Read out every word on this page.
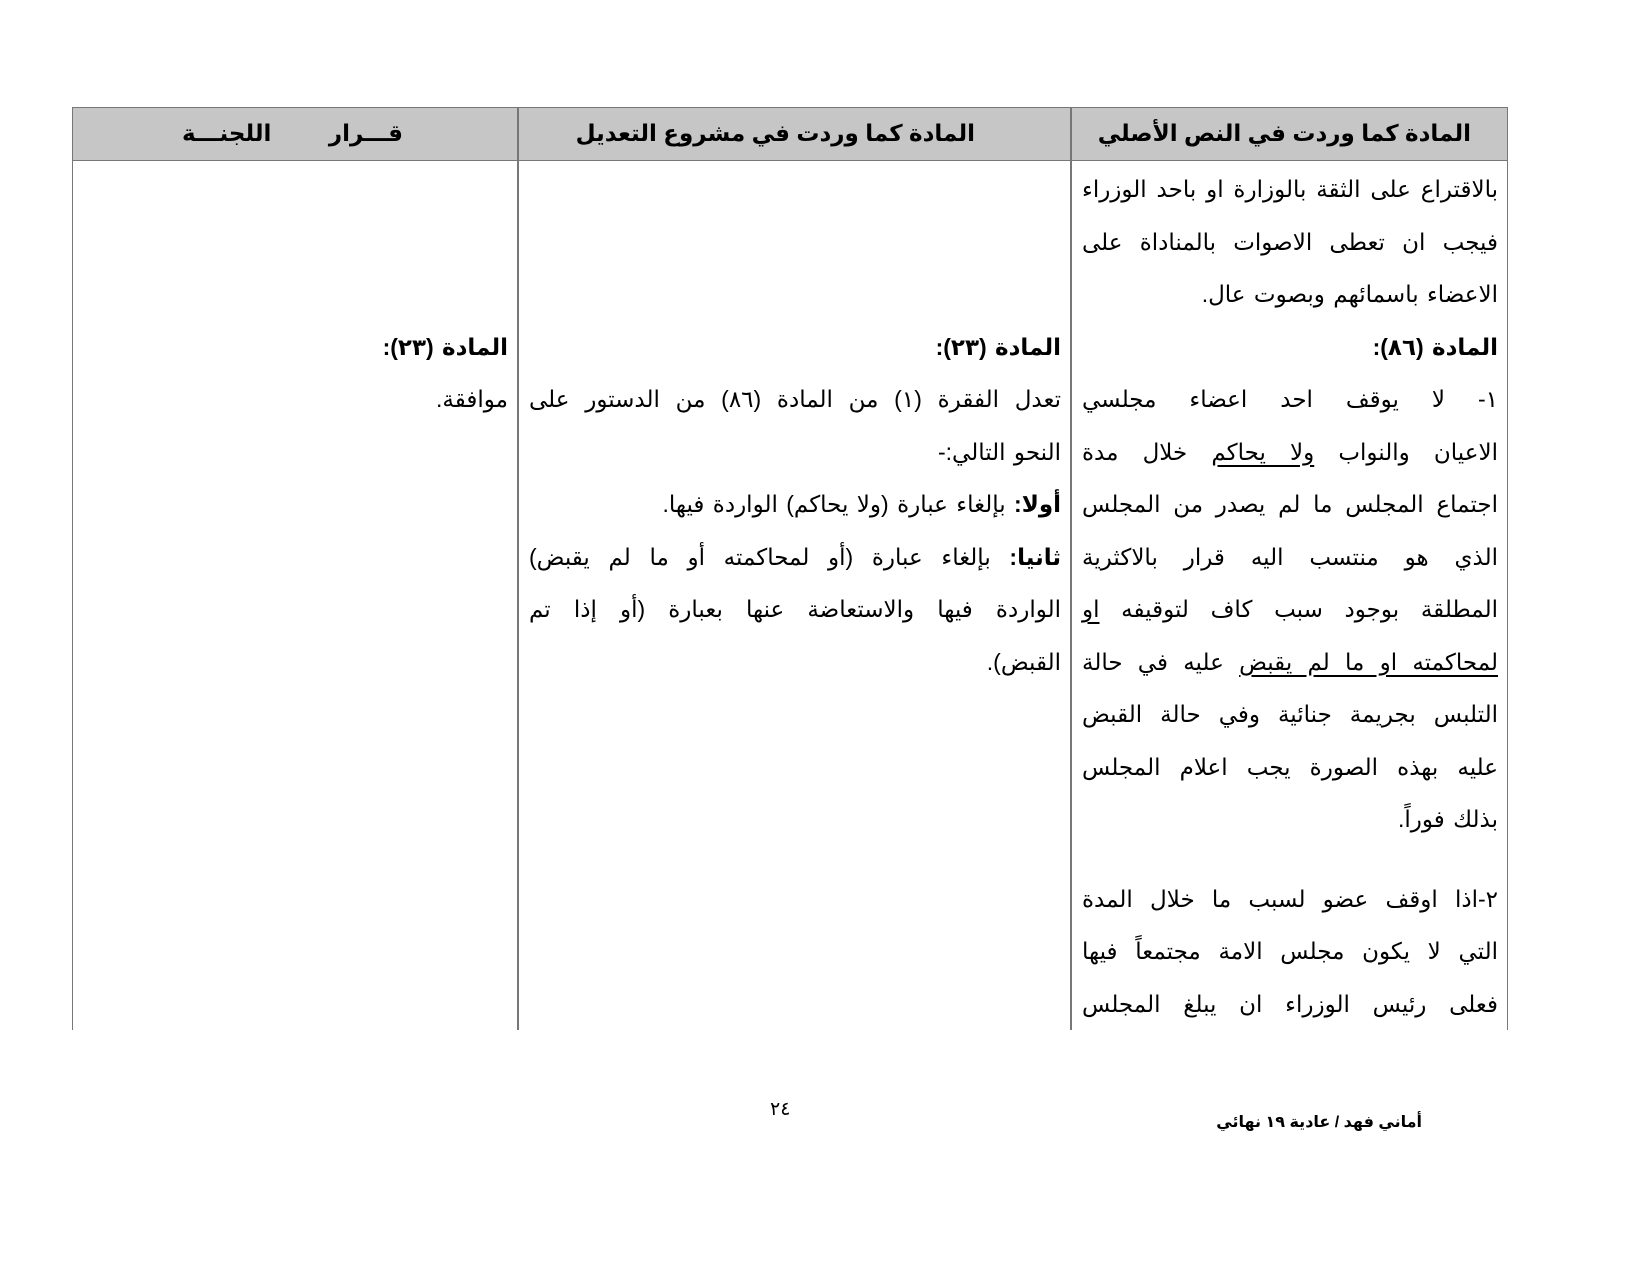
المادة كما وردت في النص الأصلي
المادة كما وردت في مشروع التعديل
قـــرار         اللجنـــة
بالاقتراع على الثقة بالوزارة او باحد الوزراء
فيجب ان تعطى الاصوات بالمناداة على
الاعضاء باسمائهم وبصوت عال.
المادة (٨٦):
١- لا يوقف احد اعضاء مجلسي
الاعيان والنواب ولا يحاكم خلال مدة
اجتماع المجلس ما لم يصدر من المجلس
الذي هو منتسب اليه قرار بالاكثرية
المطلقة بوجود سبب كاف لتوقيفه او
لمحاكمته او ما لم يقبض عليه في حالة
التلبس بجريمة جنائية وفي حالة القبض
عليه بهذه الصورة يجب اعلام المجلس
بذلك فوراً.
٢-اذا اوقف عضو لسبب ما خلال المدة
التي لا يكون مجلس الامة مجتمعاً فيها
فعلى رئيس الوزراء ان يبلغ المجلس
المادة (٢٣):
تعدل الفقرة (١) من المادة (٨٦) من الدستور على
النحو التالي:-
أولا: بإلغاء عبارة (ولا يحاكم) الواردة فيها.
ثانيا: بإلغاء عبارة (أو لمحاكمته أو ما لم يقبض)
الواردة فيها والاستعاضة عنها بعبارة (أو إذا تم
القبض).
المادة (٢٣):
موافقة.
٢٤
أماني فهد / عادية ١٩ نهائي
